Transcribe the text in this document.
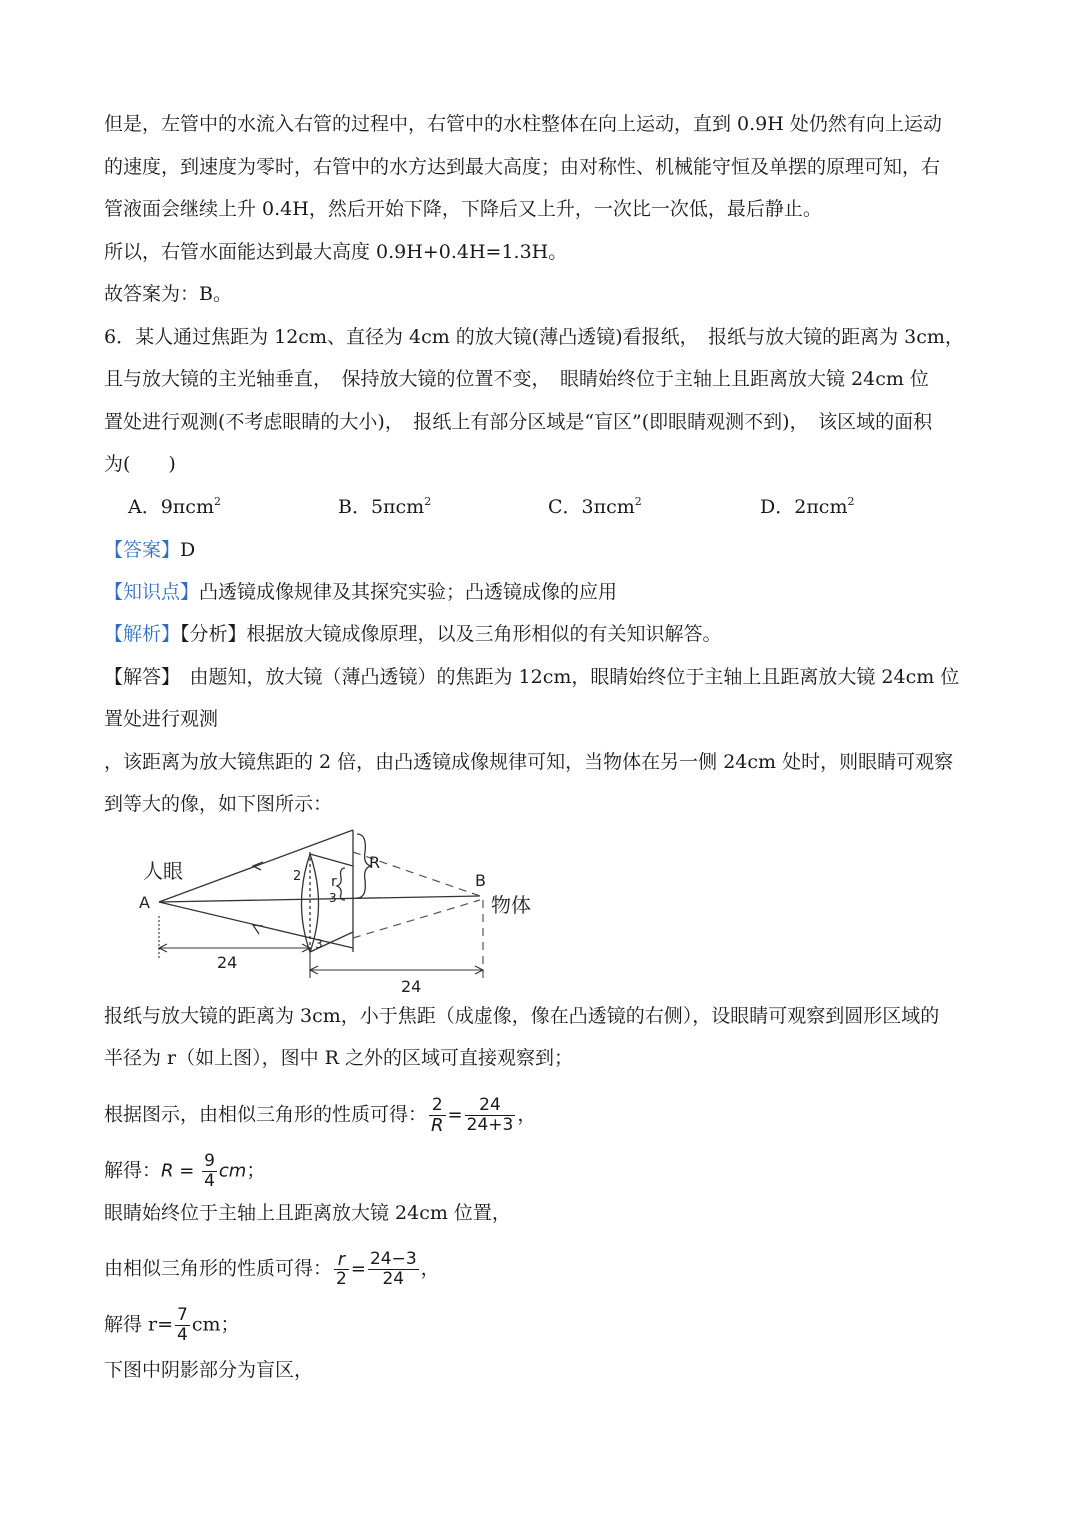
但是，左管中的水流入右管的过程中，右管中的水柱整体在向上运动，直到 0.9H 处仍然有向上运动
的速度，到速度为零时，右管中的水方达到最大高度；由对称性、机械能守恒及单摆的原理可知，右
管液面会继续上升 0.4H，然后开始下降，下降后又上升，一次比一次低，最后静止。
所以，右管水面能达到最大高度 0.9H+0.4H=1.3H。
故答案为：B。
6．某人通过焦距为 12cm、直径为 4cm 的放大镜(薄凸透镜)看报纸，　报纸与放大镜的距离为 3cm，
且与放大镜的主光轴垂直，　保持放大镜的位置不变，　眼睛始终位于主轴上且距离放大镜 24cm 位
置处进行观测(不考虑眼睛的大小)，　报纸上有部分区域是“盲区”(即眼睛观测不到)，　该区域的面积
为(　　)
A．9πcm$^2$	B．5πcm$^2$	C．3πcm$^2$	D．2πcm$^2$
【答案】D
【知识点】凸透镜成像规律及其探究实验；凸透镜成像的应用
【解析】【分析】根据放大镜成像原理，以及三角形相似的有关知识解答。
【解答】　由题知，放大镜（薄凸透镜）的焦距为 12cm，眼睛始终位于主轴上且距离放大镜 24cm 位
置处进行观测
，该距离为放大镜焦距的 2 倍，由凸透镜成像规律可知，当物体在另一侧 24cm 处时，则眼睛可观察
到等大的像，如下图所示：
人眼
A
B
物体
R
r
2
3
3
24
24
报纸与放大镜的距离为 3cm，小于焦距（成虚像，像在凸透镜的右侧），设眼睛可观察到圆形区域的
半径为 r（如上图），图中 R 之外的区域可直接观察到；
根据图示，由相似三角形的性质可得： $\frac{2}{R} = \frac{24}{24+3}$ ，
解得：$R = \frac{9}{4}$ cm；
眼睛始终位于主轴上且距离放大镜 24cm 位置，
由相似三角形的性质可得： $\frac{r}{2} = \frac{24-3}{24}$ ，
解得 $r= \frac{7}{4}$ cm；
下图中阴影部分为盲区，
